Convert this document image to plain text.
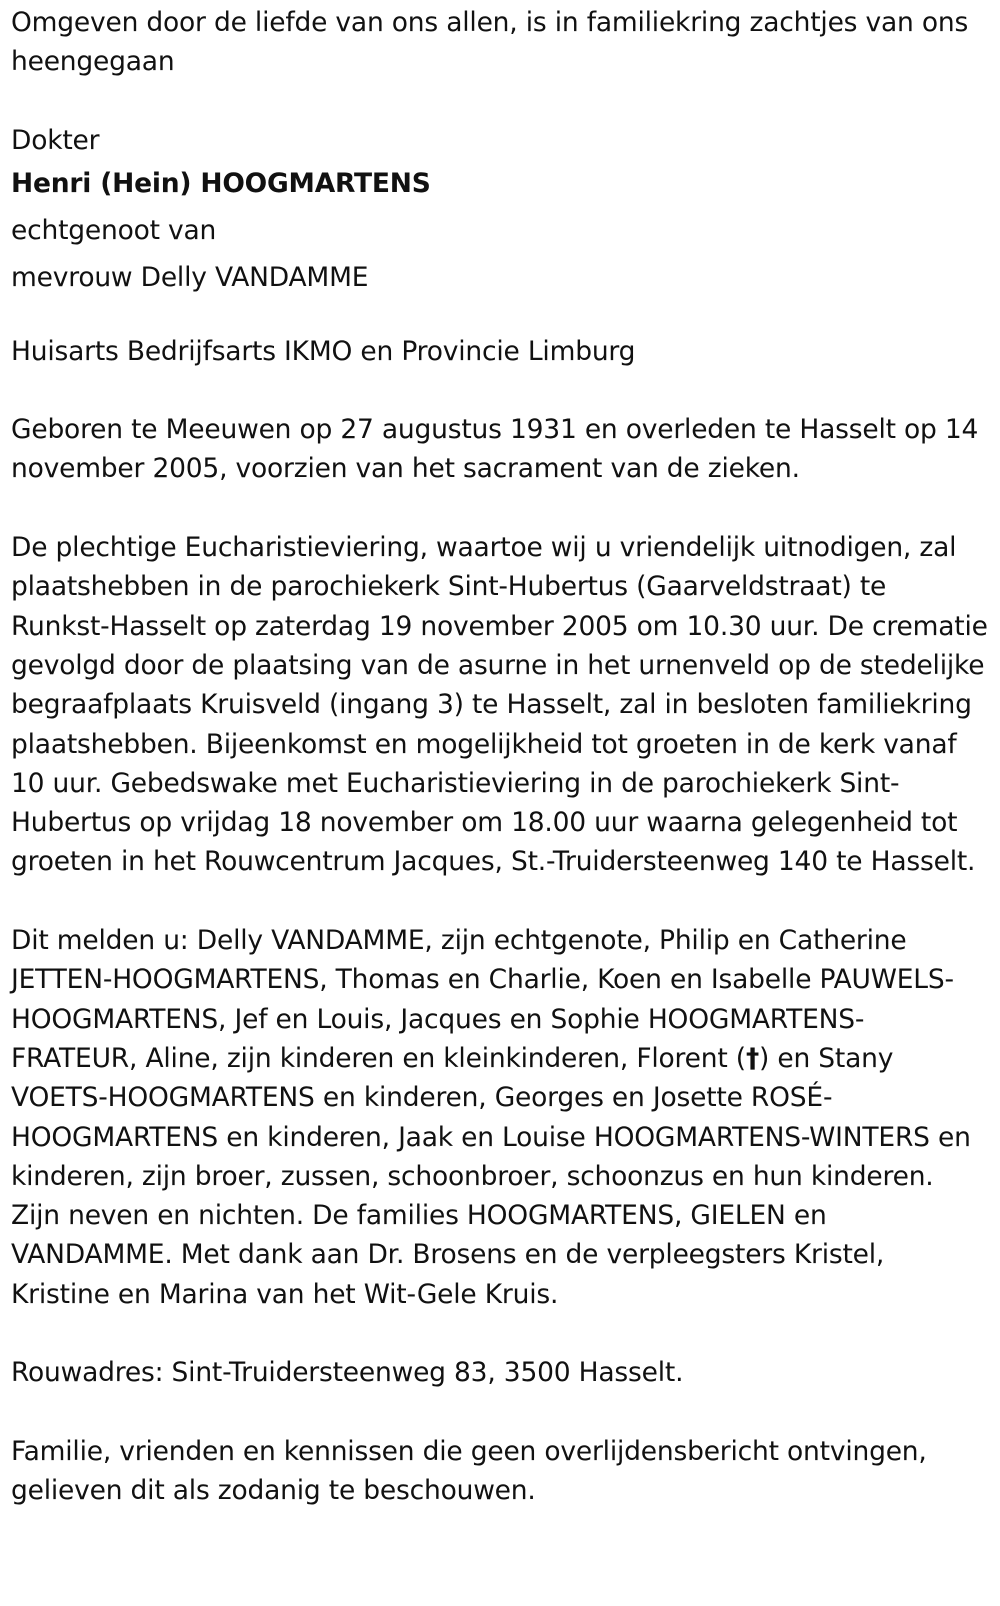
Omgeven door de liefde van ons allen, is in familiekring zachtjes van ons heengegaan

Dokter
Henri (Hein) HOOGMARTENS
echtgenoot van
mevrouw Delly VANDAMME

Huisarts Bedrijfsarts IKMO en Provincie Limburg

Geboren te Meeuwen op 27 augustus 1931 en overleden te Hasselt op 14 november 2005, voorzien van het sacrament van de zieken.

De plechtige Eucharistieviering, waartoe wij u vriendelijk uitnodigen, zal plaatshebben in de parochiekerk Sint-Hubertus (Gaarveldstraat) te Runkst-Hasselt op zaterdag 19 november 2005 om 10.30 uur. De crematie gevolgd door de plaatsing van de asurne in het urnenveld op de stedelijke begraafplaats Kruisveld (ingang 3) te Hasselt, zal in besloten familiekring plaatshebben. Bijeenkomst en mogelijkheid tot groeten in de kerk vanaf 10 uur. Gebedswake met Eucharistieviering in de parochiekerk Sint-Hubertus op vrijdag 18 november om 18.00 uur waarna gelegenheid tot groeten in het Rouwcentrum Jacques, St.-Truidersteenweg 140 te Hasselt.

Dit melden u: Delly VANDAMME, zijn echtgenote, Philip en Catherine JETTEN-HOOGMARTENS, Thomas en Charlie, Koen en Isabelle PAUWELS-HOOGMARTENS, Jef en Louis, Jacques en Sophie HOOGMARTENS-FRATEUR, Aline, zijn kinderen en kleinkinderen, Florent (†) en Stany VOETS-HOOGMARTENS en kinderen, Georges en Josette ROSÉ-HOOGMARTENS en kinderen, Jaak en Louise HOOGMARTENS-WINTERS en kinderen, zijn broer, zussen, schoonbroer, schoonzus en hun kinderen. Zijn neven en nichten. De families HOOGMARTENS, GIELEN en VANDAMME. Met dank aan Dr. Brosens en de verpleegsters Kristel, Kristine en Marina van het Wit-Gele Kruis.

Rouwadres: Sint-Truidersteenweg 83, 3500 Hasselt.

Familie, vrienden en kennissen die geen overlijdensbericht ontvingen, gelieven dit als zodanig te beschouwen.
